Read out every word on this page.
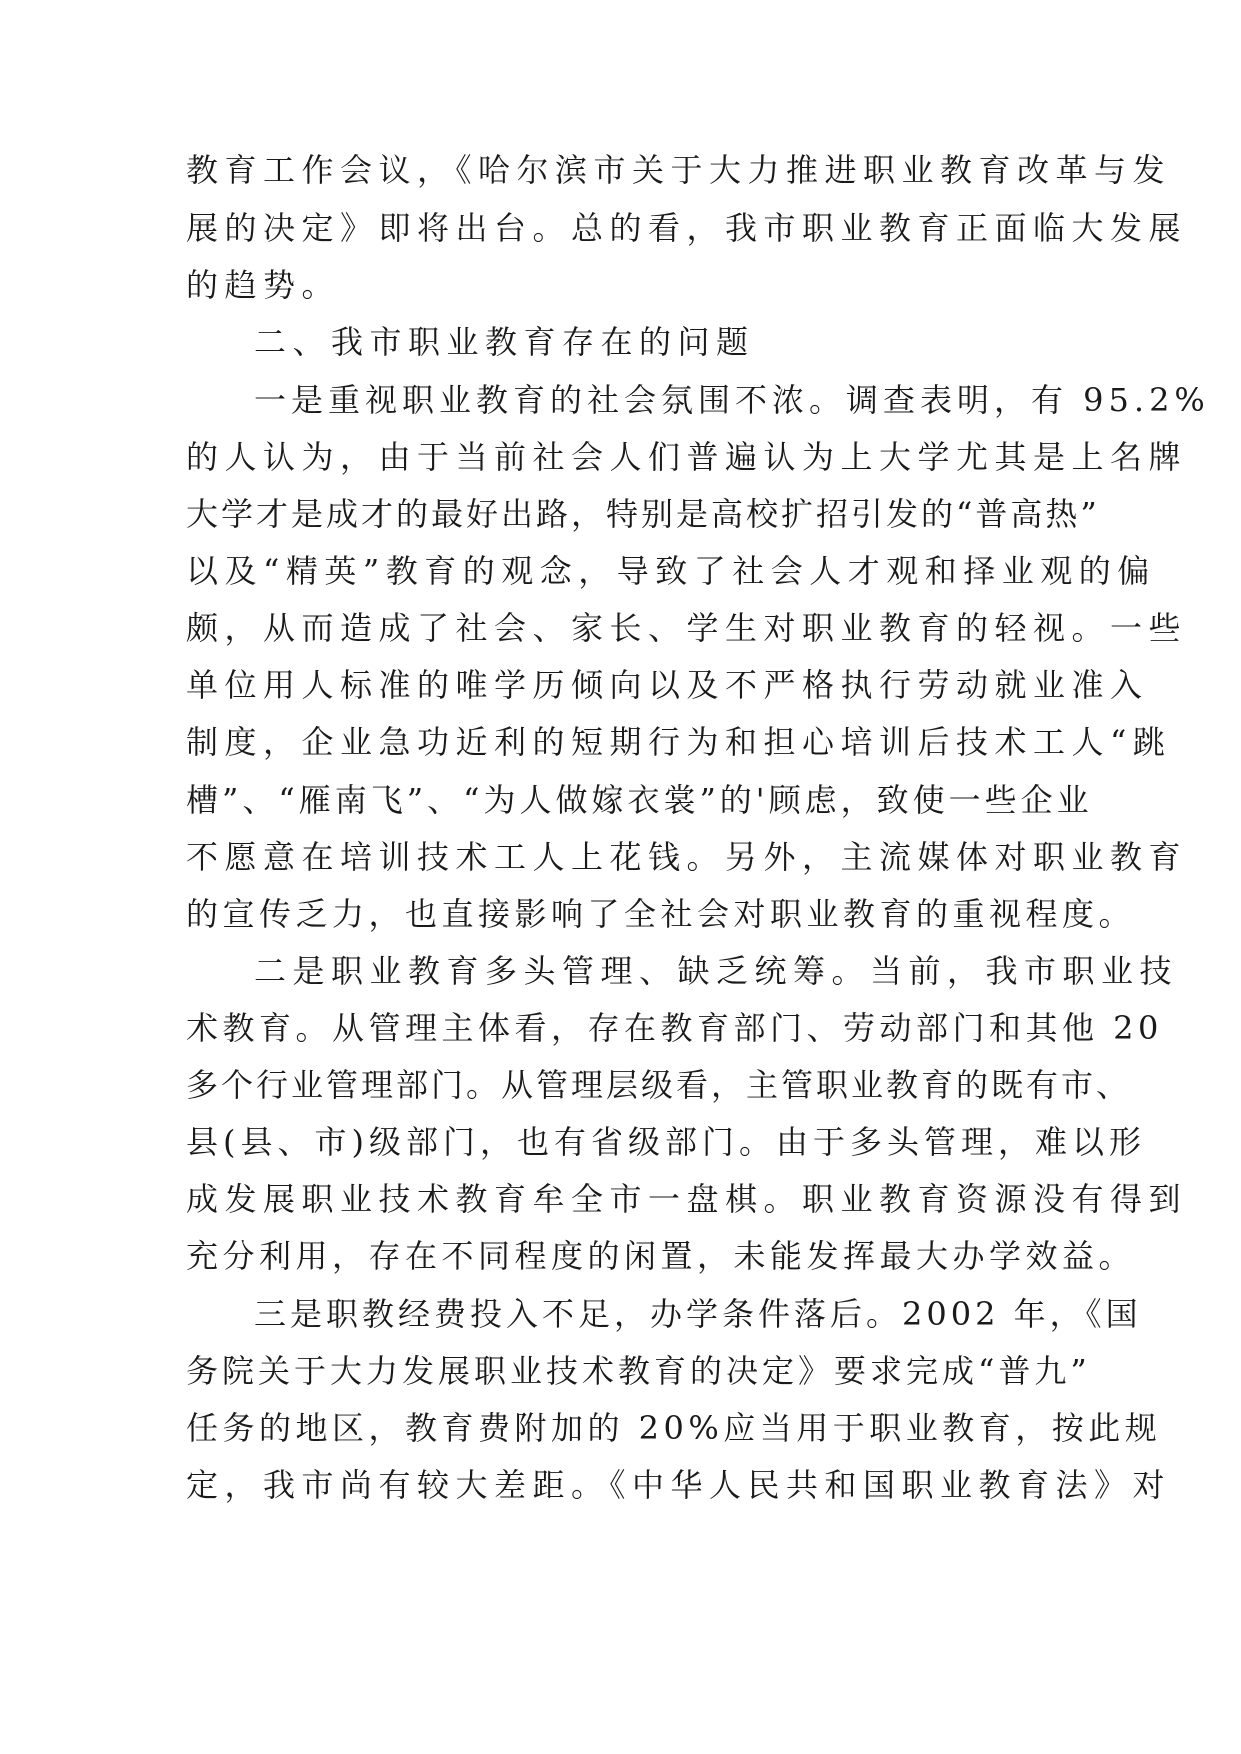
教育工作会议，《哈尔滨市关于大力推进职业教育改革与发
展的决定》即将出台。总的看，我市职业教育正面临大发展
的趋势。
二、我市职业教育存在的问题
一是重视职业教育的社会氛围不浓。调查表明，有 95.2%
的人认为，由于当前社会人们普遍认为上大学尤其是上名牌
大学才是成才的最好出路，特别是高校扩招引发的“普高热”
以及“精英”教育的观念，导致了社会人才观和择业观的偏
颇，从而造成了社会、家长、学生对职业教育的轻视。一些
单位用人标准的唯学历倾向以及不严格执行劳动就业准入
制度，企业急功近利的短期行为和担心培训后技术工人“跳
槽”、“雁南飞”、“为人做嫁衣裳”的'顾虑，致使一些企业
不愿意在培训技术工人上花钱。另外，主流媒体对职业教育
的宣传乏力，也直接影响了全社会对职业教育的重视程度。
二是职业教育多头管理、缺乏统筹。当前，我市职业技
术教育。从管理主体看，存在教育部门、劳动部门和其他 20
多个行业管理部门。从管理层级看，主管职业教育的既有市、
县(县、市)级部门，也有省级部门。由于多头管理，难以形
成发展职业技术教育牟全市一盘棋。职业教育资源没有得到
充分利用，存在不同程度的闲置，未能发挥最大办学效益。
三是职教经费投入不足，办学条件落后。2002 年，《国
务院关于大力发展职业技术教育的决定》要求完成“普九”
任务的地区，教育费附加的 20%应当用于职业教育，按此规
定，我市尚有较大差距。《中华人民共和国职业教育法》对
